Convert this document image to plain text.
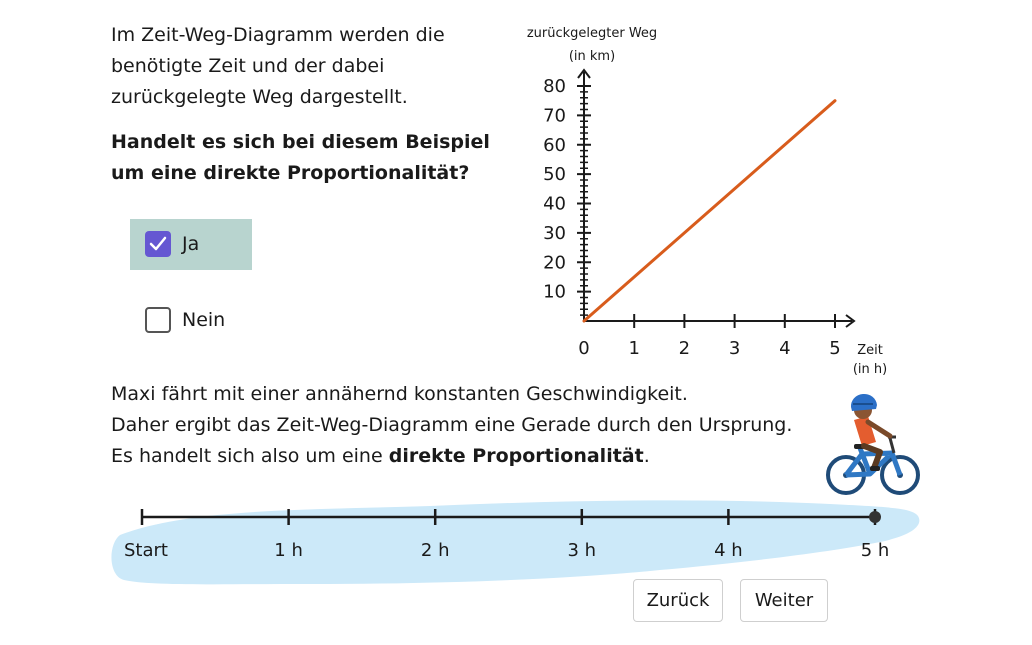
Im Zeit-Weg-Diagramm werden die benötigte Zeit und der dabei zurückgelegte Weg dargestellt.
Handelt es sich bei diesem Beispiel um eine direkte Proportionalität?
Ja
Nein
zurückgelegter Weg
(in km)
Zeit
(in h)
10
20
30
40
50
60
70
80
0 1 2 3 4 5
Maxi fährt mit einer annähernd konstanten Geschwindigkeit.
Daher ergibt das Zeit-Weg-Diagramm eine Gerade durch den Ursprung.
Es handelt sich also um eine direkte Proportionalität.
Start	1 h	2 h	3 h	4 h	5 h
Zurück	Weiter
